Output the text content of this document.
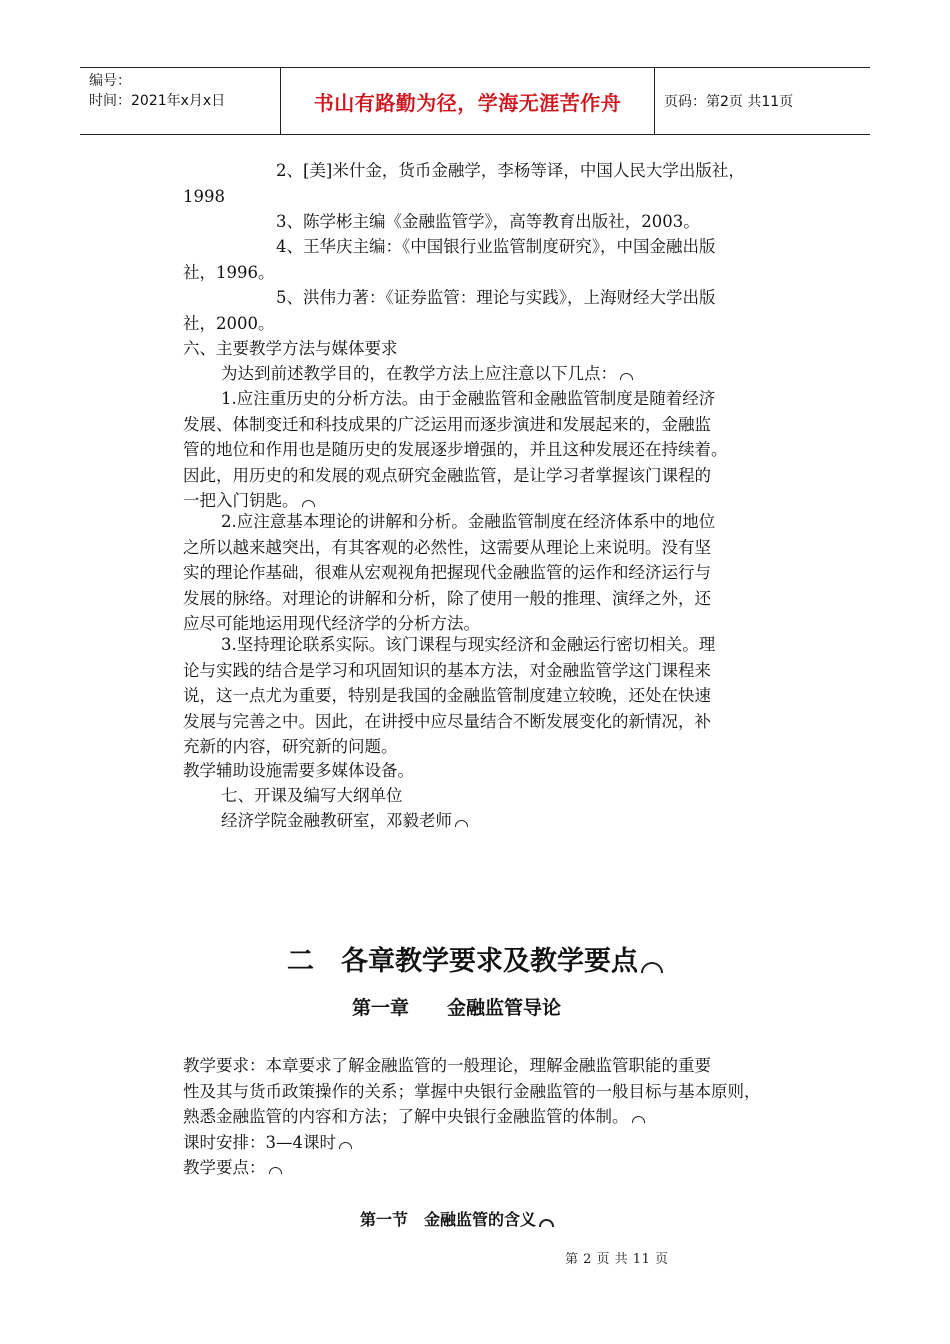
编号：
时间：2021年x月x日	书山有路勤为径，学海无涯苦作舟	页码：第2页 共11页
2、[美]米什金，货币金融学，李杨等译，中国人民大学出版社，
1998
3、陈学彬主编《金融监管学》，高等教育出版社，2003。
4、王华庆主编：《中国银行业监管制度研究》，中国金融出版
社，1996。
5、洪伟力著：《证券监管：理论与实践》，上海财经大学出版
社，2000。
六、主要教学方法与媒体要求
为达到前述教学目的，在教学方法上应注意以下几点：
1.应注重历史的分析方法。由于金融监管和金融监管制度是随着经济
发展、体制变迁和科技成果的广泛运用而逐步演进和发展起来的，金融监
管的地位和作用也是随历史的发展逐步增强的，并且这种发展还在持续着。
因此，用历史的和发展的观点研究金融监管，是让学习者掌握该门课程的
一把入门钥匙。
2.应注意基本理论的讲解和分析。金融监管制度在经济体系中的地位
之所以越来越突出，有其客观的必然性，这需要从理论上来说明。没有坚
实的理论作基础，很难从宏观视角把握现代金融监管的运作和经济运行与
发展的脉络。对理论的讲解和分析，除了使用一般的推理、演绎之外，还
应尽可能地运用现代经济学的分析方法。
3.坚持理论联系实际。该门课程与现实经济和金融运行密切相关。理
论与实践的结合是学习和巩固知识的基本方法，对金融监管学这门课程来
说，这一点尤为重要，特别是我国的金融监管制度建立较晚，还处在快速
发展与完善之中。因此，在讲授中应尽量结合不断发展变化的新情况，补
充新的内容，研究新的问题。
教学辅助设施需要多媒体设备。
七、开课及编写大纲单位
经济学院金融教研室，邓毅老师
二　各章教学要求及教学要点
第一章　　金融监管导论
教学要求：本章要求了解金融监管的一般理论，理解金融监管职能的重要
性及其与货币政策操作的关系；掌握中央银行金融监管的一般目标与基本原则，
熟悉金融监管的内容和方法；了解中央银行金融监管的体制。
课时安排：3—4课时
教学要点：
第一节　金融监管的含义
第 2 页 共 11 页
